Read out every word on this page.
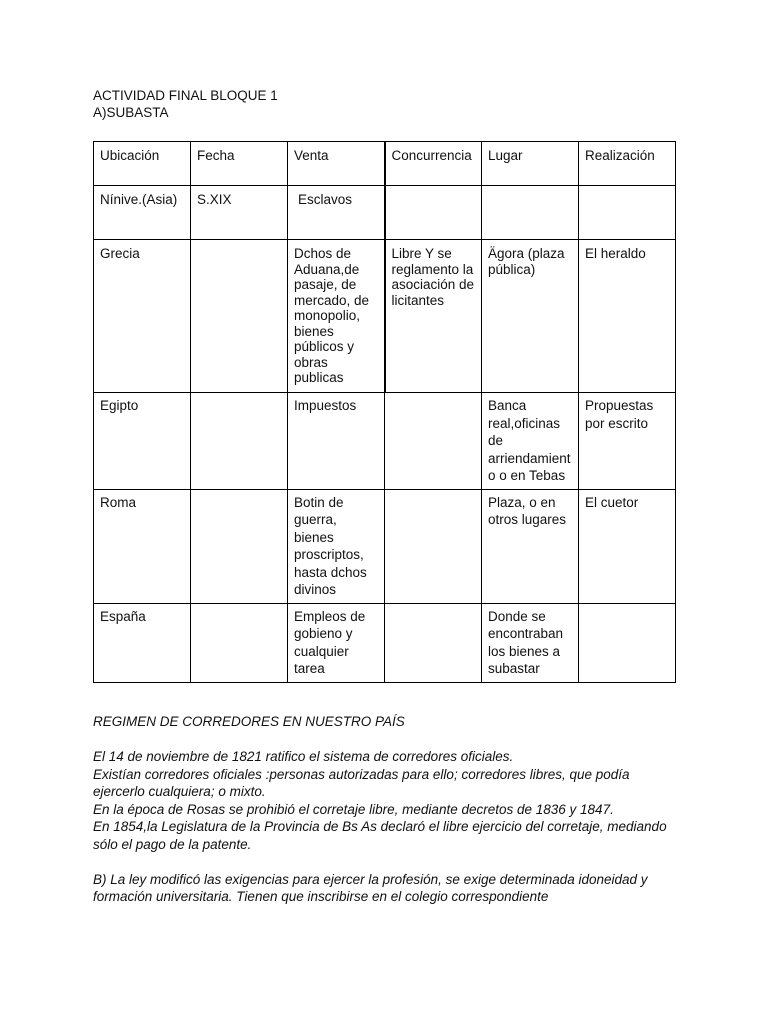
ACTIVIDAD FINAL BLOQUE 1
A)SUBASTA
Ubicación	Fecha	Venta	Concurrencia	Lugar	Realización
Nínive.(Asia)	S.XIX	Esclavos			
Grecia		Dchos de Aduana,de pasaje, de mercado, de monopolio, bienes públicos y obras publicas	Libre Y se reglamento la asociación de licitantes	Ägora (plaza pública)	El heraldo
Egipto		Impuestos		Banca real,oficinas de arriendamiento o en Tebas	Propuestas por escrito
Roma		Botin de guerra, bienes proscriptos, hasta dchos divinos		Plaza, o en otros lugares	El cuetor
España		Empleos de gobieno y cualquier tarea		Donde se encontraban los bienes a subastar	

REGIMEN DE CORREDORES EN NUESTRO PAÍS

El 14 de noviembre de 1821 ratifico el sistema de corredores oficiales.

Existían corredores oficiales :personas autorizadas para ello; corredores libres, que podía ejercerlo cualquiera; o mixto.

En la época de Rosas se prohibió el corretaje libre, mediante decretos de 1836 y 1847.

En 1854,la Legislatura de la Provincia de Bs As declaró el libre ejercicio del corretaje, mediando sólo el pago de la patente.

B) La ley modificó las exigencias para ejercer la profesión, se exige determinada idoneidad y formación universitaria. Tienen que inscribirse en el colegio correspondiente
